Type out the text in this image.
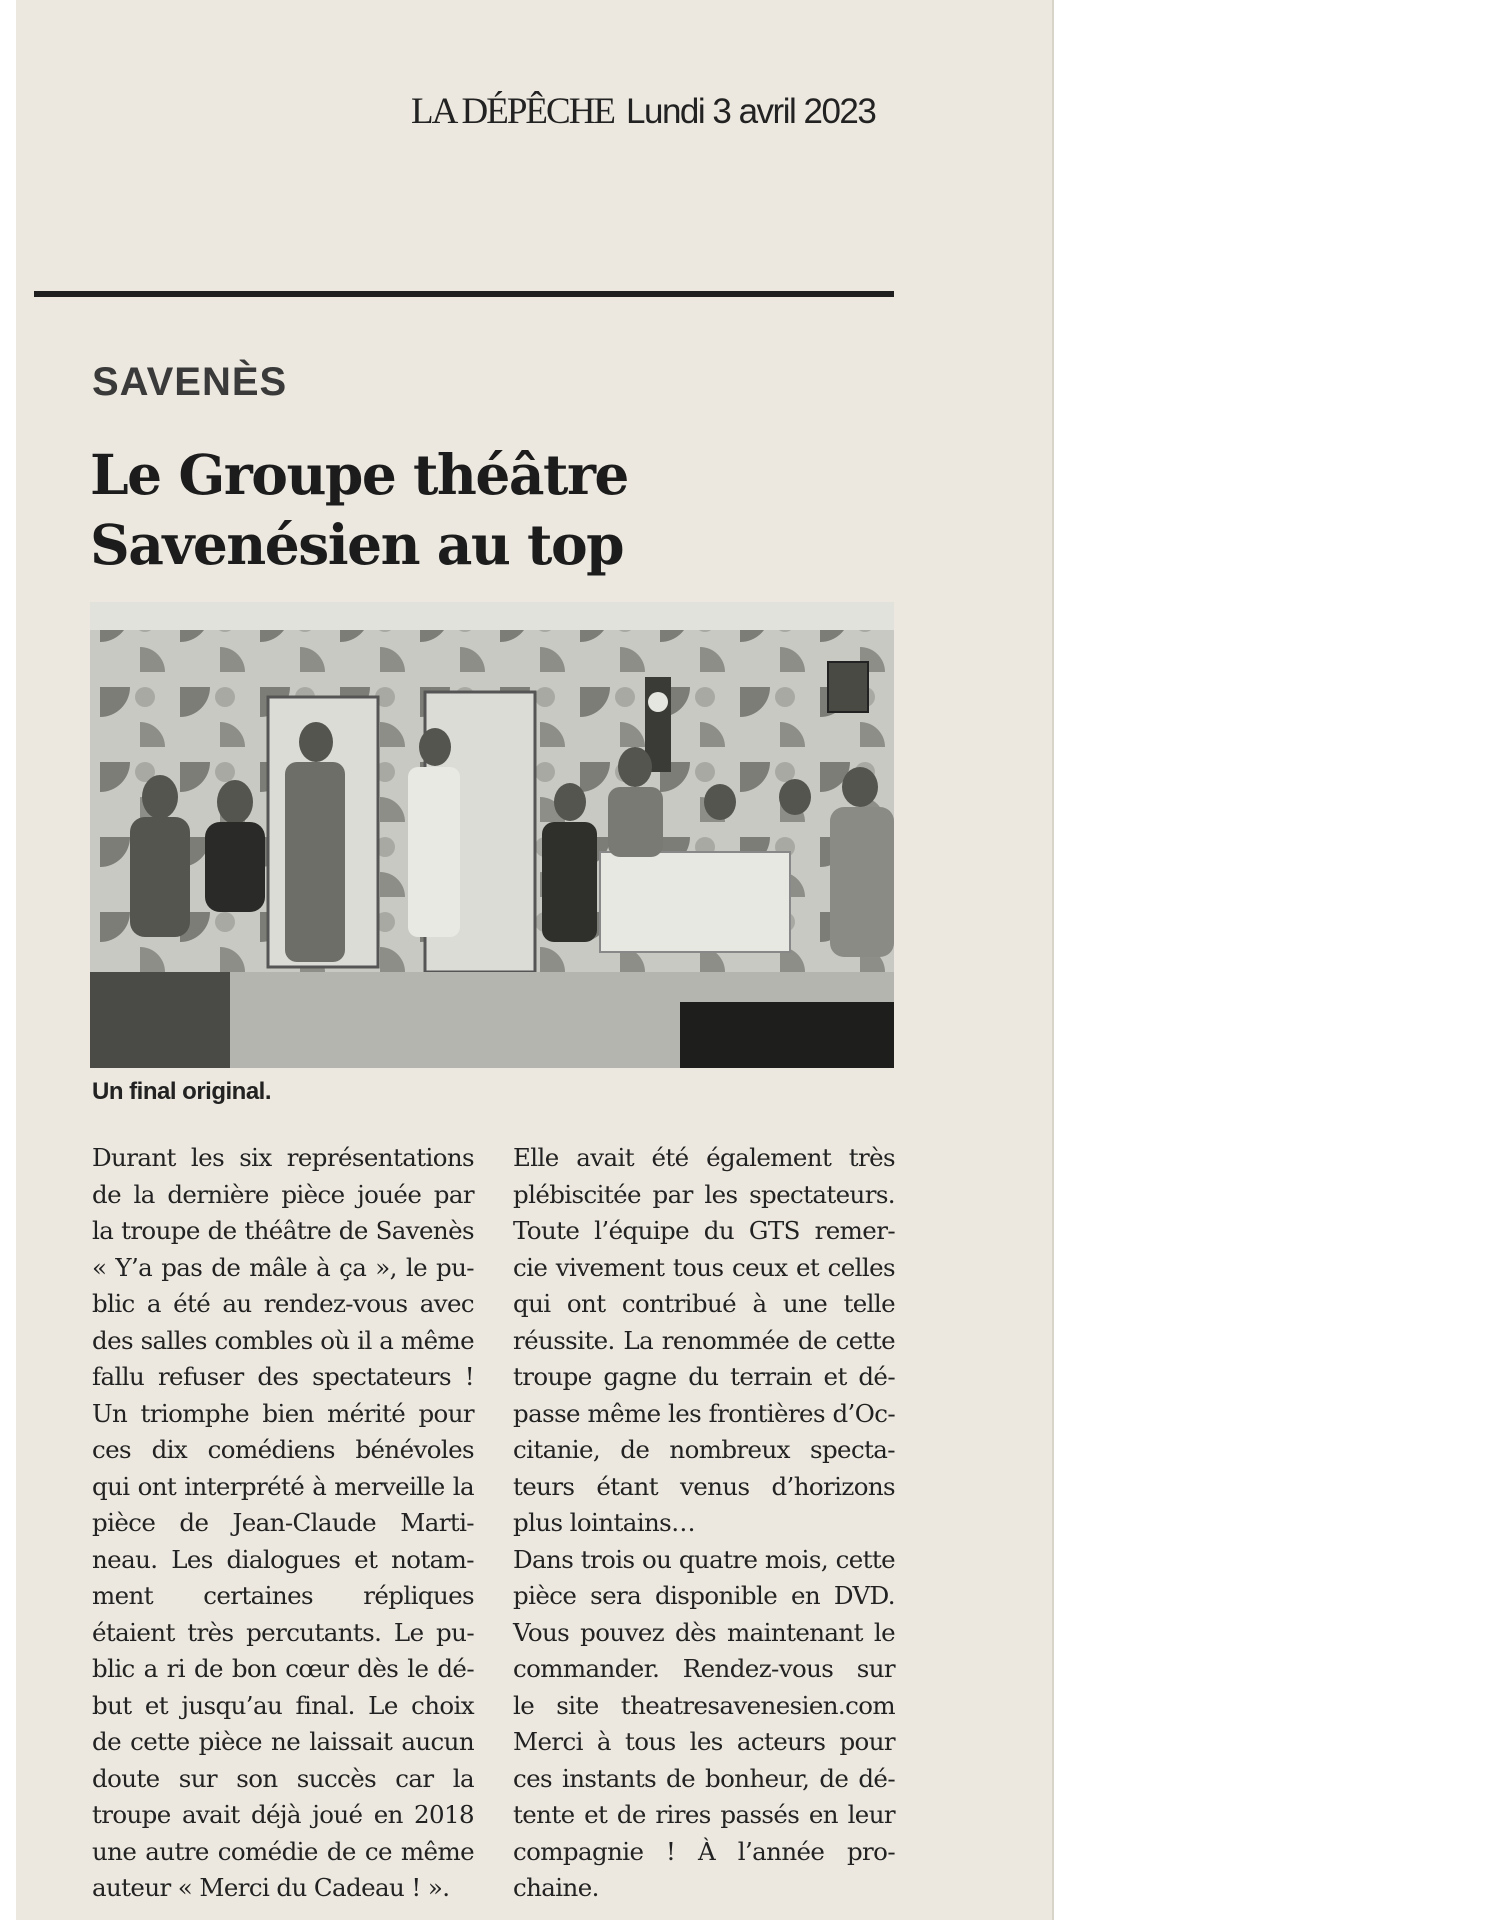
LA DÉPÊCHE Lundi 3 avril 2023
SAVENÈS
Le Groupe théâtre
Savenésien au top
Un final original.
Durant les six représentations
de la dernière pièce jouée par
la troupe de théâtre de Savenès
« Y’a pas de mâle à ça », le pu-
blic a été au rendez-vous avec
des salles combles où il a même
fallu refuser des spectateurs !
Un triomphe bien mérité pour
ces dix comédiens bénévoles
qui ont interprété à merveille la
pièce de Jean-Claude Marti-
neau. Les dialogues et notam-
ment certaines répliques
étaient très percutants. Le pu-
blic a ri de bon cœur dès le dé-
but et jusqu’au final. Le choix
de cette pièce ne laissait aucun
doute sur son succès car la
troupe avait déjà joué en 2018
une autre comédie de ce même
auteur « Merci du Cadeau ! ».
Elle avait été également très
plébiscitée par les spectateurs.
Toute l’équipe du GTS remer-
cie vivement tous ceux et celles
qui ont contribué à une telle
réussite. La renommée de cette
troupe gagne du terrain et dé-
passe même les frontières d’Oc-
citanie, de nombreux specta-
teurs étant venus d’horizons
plus lointains…
Dans trois ou quatre mois, cette
pièce sera disponible en DVD.
Vous pouvez dès maintenant le
commander. Rendez-vous sur
le site theatresavenesien.com
Merci à tous les acteurs pour
ces instants de bonheur, de dé-
tente et de rires passés en leur
compagnie ! À l’année pro-
chaine.
